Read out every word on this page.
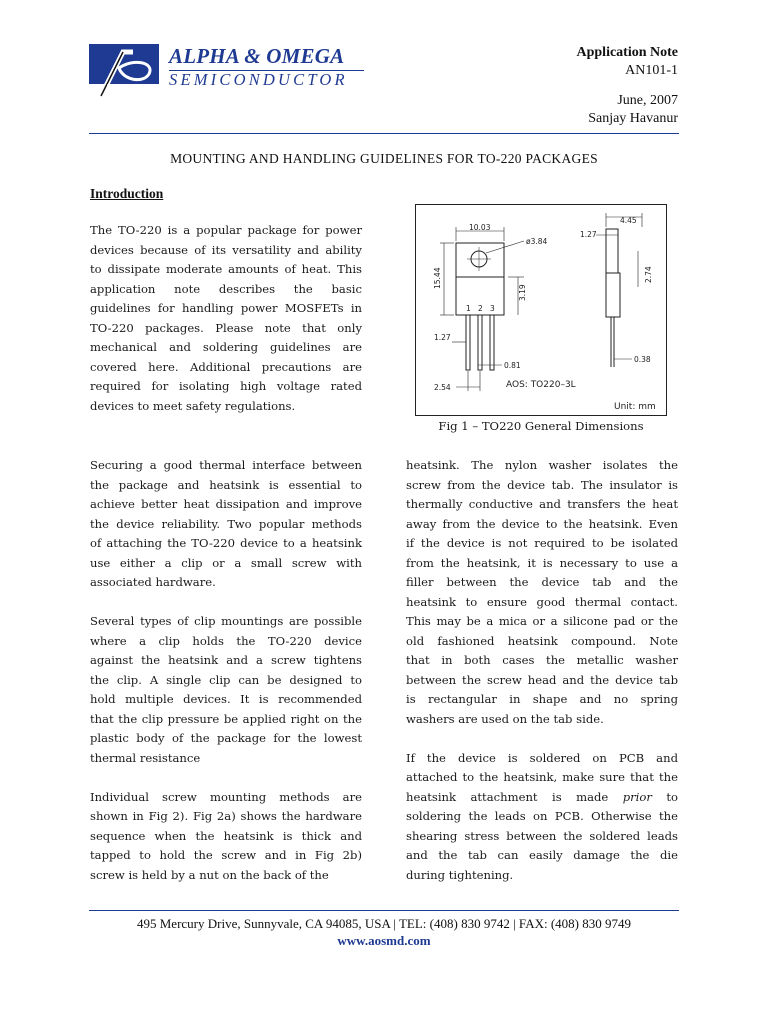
ALPHA & OMEGA
SEMICONDUCTOR
Application Note
AN101-1
June, 2007
Sanjay Havanur
MOUNTING AND HANDLING GUIDELINES FOR TO-220 PACKAGES
Introduction
The TO-220 is a popular package for power
devices because of its versatility and ability
to dissipate moderate amounts of heat. This
application note describes the basic
guidelines for handling power MOSFETs in
TO-220 packages. Please note that only
mechanical and soldering guidelines are
covered here. Additional precautions are
required for isolating high voltage rated
devices to meet safety regulations.
10.03
ø3.84
15.44
3.19
1 2 3
1.27
0.81
2.54
4.45
1.27
2.74
0.38
AOS: TO220–3L
Unit: mm
Fig 1 – TO220 General Dimensions
Securing a good thermal interface between
the package and heatsink is essential to
achieve better heat dissipation and improve
the device reliability. Two popular methods
of attaching the TO-220 device to a heatsink
use either a clip or a small screw with
associated hardware.

Several types of clip mountings are possible
where a clip holds the TO-220 device
against the heatsink and a screw tightens
the clip. A single clip can be designed to
hold multiple devices. It is recommended
that the clip pressure be applied right on the
plastic body of the package for the lowest
thermal resistance

Individual screw mounting methods are
shown in Fig 2). Fig 2a) shows the hardware
sequence when the heatsink is thick and
tapped to hold the screw and in Fig 2b)
screw is held by a nut on the back of the
heatsink. The nylon washer isolates the
screw from the device tab. The insulator is
thermally conductive and transfers the heat
away from the device to the heatsink. Even
if the device is not required to be isolated
from the heatsink, it is necessary to use a
filler between the device tab and the
heatsink to ensure good thermal contact.
This may be a mica or a silicone pad or the
old fashioned heatsink compound. Note
that in both cases the metallic washer
between the screw head and the device tab
is rectangular in shape and no spring
washers are used on the tab side.

If the device is soldered on PCB and
attached to the heatsink, make sure that the
heatsink attachment is made prior to
soldering the leads on PCB. Otherwise the
shearing stress between the soldered leads
and the tab can easily damage the die
during tightening.
495 Mercury Drive, Sunnyvale, CA 94085, USA | TEL: (408) 830 9742 | FAX: (408) 830 9749
www.aosmd.com
